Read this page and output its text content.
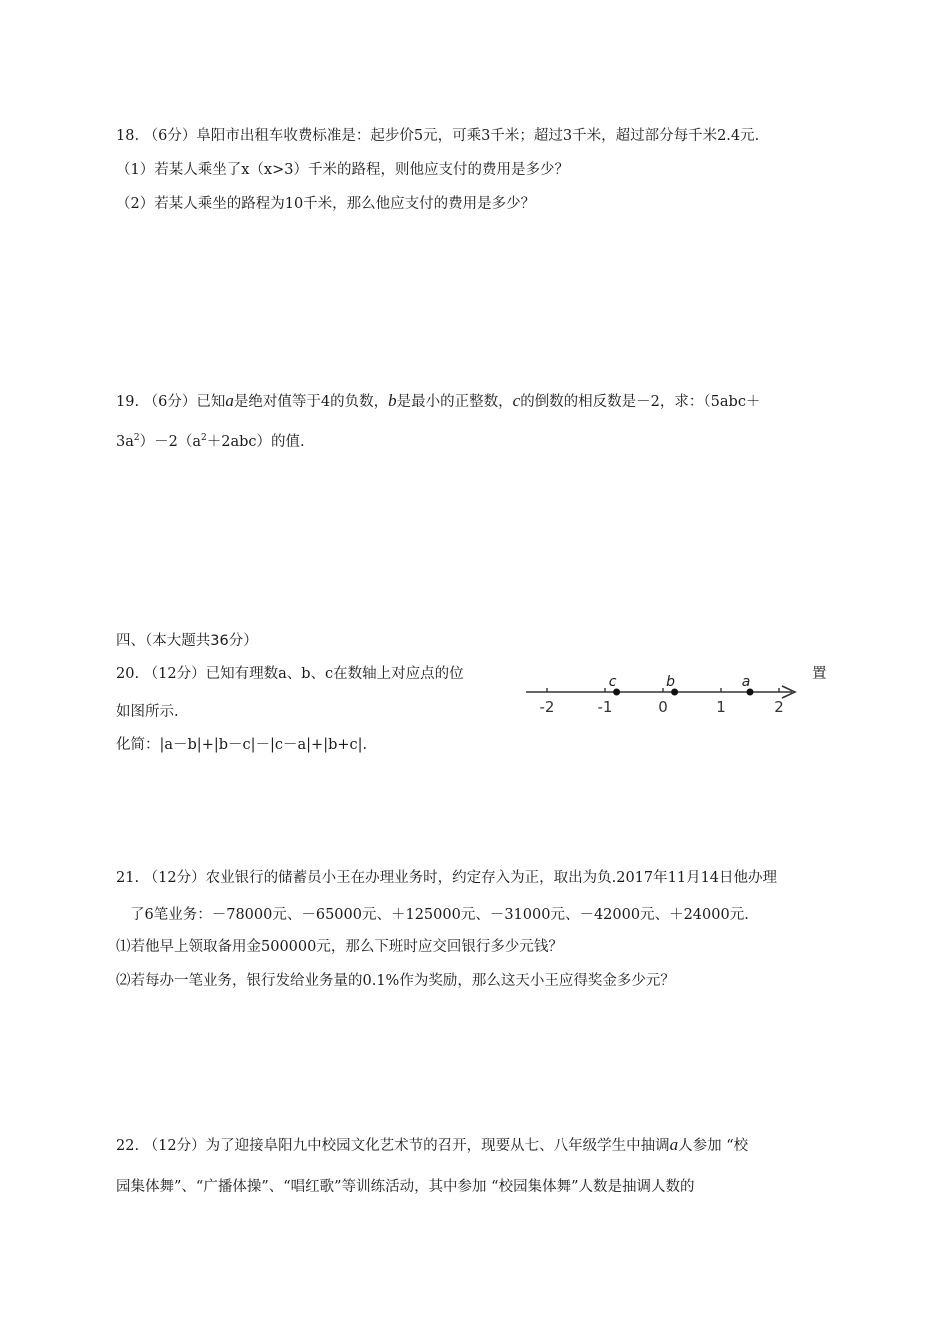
18. （6分）阜阳市出租车收费标准是：起步价5元，可乘3千米；超过3千米，超过部分每千米2.4元.
（1）若某人乘坐了x（x>3）千米的路程，则他应支付的费用是多少？
（2）若某人乘坐的路程为10千米，那么他应支付的费用是多少？
19. （6分）已知a是绝对值等于4的负数，b是最小的正整数，c的倒数的相反数是－2，求：（5abc＋
$3a^2)-2(a^2+2abc)$的值.
四、（本大题共36分）
20. （12分）已知有理数a、b、c在数轴上对应点的位	置
如图所示.
化简：|a－b|+|b－c|－|c－a|+|b+c|.
-2	-1	0	1	2
c	b	a
21. （12分）农业银行的储蓄员小王在办理业务时，约定存入为正，取出为负.2017年11月14日他办理
了6笔业务：－78000元、－65000元、＋125000元、－31000元、－42000元、＋24000元.
⑴若他早上领取备用金500000元，那么下班时应交回银行多少元钱？
⑵若每办一笔业务，银行发给业务量的0.1%作为奖励，那么这天小王应得奖金多少元？
22. （12分）为了迎接阜阳九中校园文化艺术节的召开，现要从七、八年级学生中抽调a人参加 “校
园集体舞”、“广播体操”、“唱红歌”等训练活动，其中参加 “校园集体舞”人数是抽调人数的
